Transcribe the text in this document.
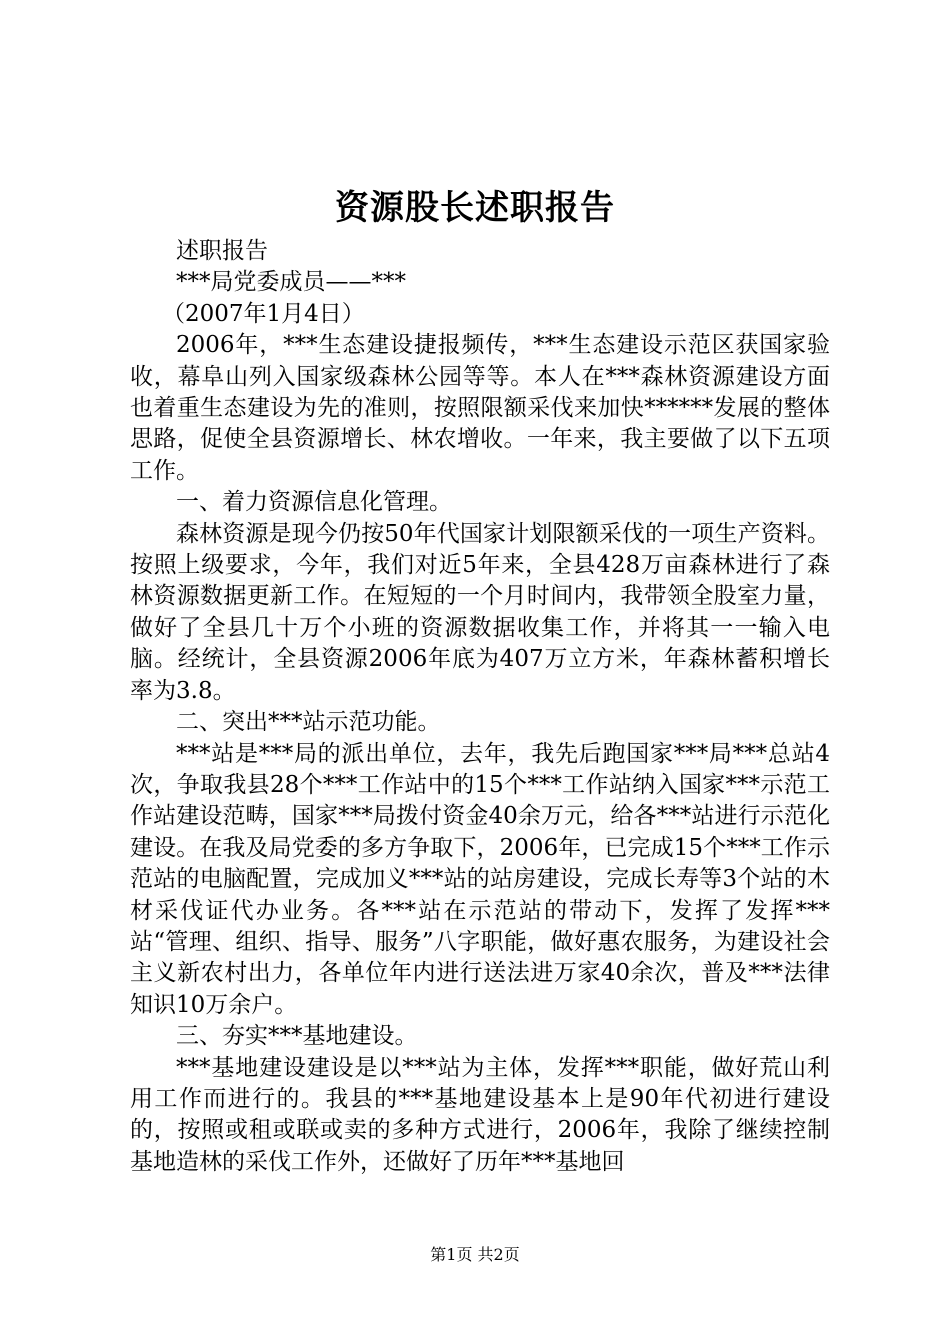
资源股长述职报告

述职报告

***局党委成员——***

（2007年1月4日）

2006年，***生态建设捷报频传，***生态建设示范区获国家验收，幕阜山列入国家级森林公园等等。本人在***森林资源建设方面也着重生态建设为先的准则，按照限额采伐来加快******发展的整体思路，促使全县资源增长、林农增收。一年来，我主要做了以下五项工作。

一、着力资源信息化管理。

森林资源是现今仍按50年代国家计划限额采伐的一项生产资料。按照上级要求，今年，我们对近5年来，全县428万亩森林进行了森林资源数据更新工作。在短短的一个月时间内，我带领全股室力量，做好了全县几十万个小班的资源数据收集工作，并将其一一输入电脑。经统计，全县资源2006年底为407万立方米，年森林蓄积增长率为3.8。

二、突出***站示范功能。

***站是***局的派出单位，去年，我先后跑国家***局***总站4次，争取我县28个***工作站中的15个***工作站纳入国家***示范工作站建设范畴，国家***局拨付资金40余万元，给各***站进行示范化建设。在我及局党委的多方争取下，2006年，已完成15个***工作示范站的电脑配置，完成加义***站的站房建设，完成长寿等3个站的木材采伐证代办业务。各***站在示范站的带动下，发挥了发挥***站“管理、组织、指导、服务”八字职能，做好惠农服务，为建设社会主义新农村出力，各单位年内进行送法进万家40余次，普及***法律知识10万余户。

三、夯实***基地建设。

***基地建设建设是以***站为主体，发挥***职能，做好荒山利用工作而进行的。我县的***基地建设基本上是90年代初进行建设的，按照或租或联或卖的多种方式进行，2006年，我除了继续控制基地造林的采伐工作外，还做好了历年***基地回

第1页 共2页
